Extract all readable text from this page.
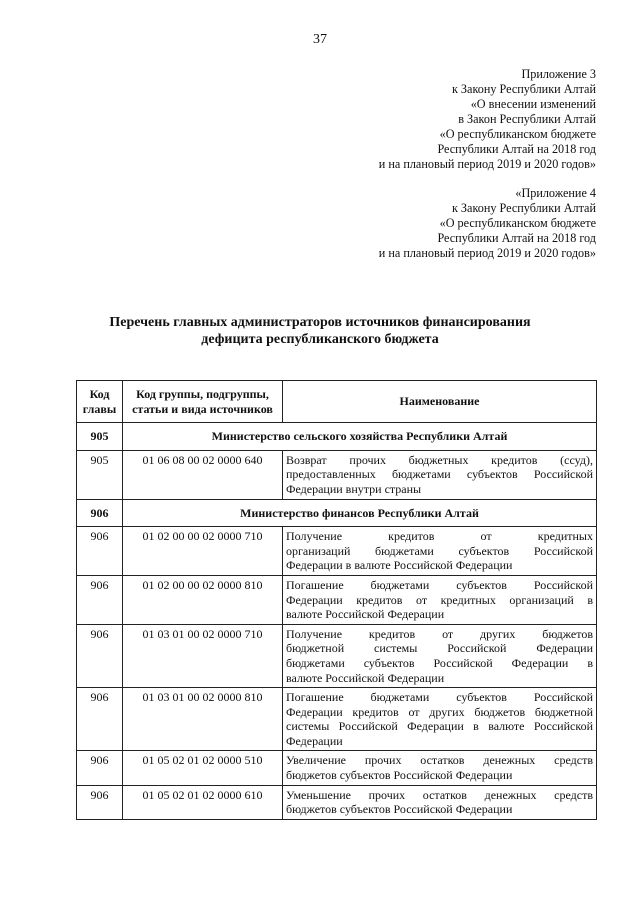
37
Приложение 3
к Закону Республики Алтай
«О внесении изменений
в Закон Республики Алтай
«О республиканском бюджете
Республики Алтай на 2018 год
и на плановый период 2019 и 2020 годов»
«Приложение 4
к Закону Республики Алтай
«О республиканском бюджете
Республики Алтай на 2018 год
и на плановый период 2019 и 2020 годов»
Перечень главных администраторов источников финансирования
дефицита республиканского бюджета
Код главы	Код группы, подгруппы, статьи и вида источников	Наименование
905	Министерство сельского хозяйства Республики Алтай	
905	01 06 08 00 02 0000 640	Возврат прочих бюджетных кредитов (ссуд),
предоставленных бюджетами субъектов Российской
Федерации внутри страны

906	Министерство финансов Республики Алтай	
906	01 02 00 00 02 0000 710	Получение кредитов от кредитных
организаций бюджетами субъектов Российской
Федерации в валюте Российской Федерации

906	01 02 00 00 02 0000 810	Погашение бюджетами субъектов Российской
Федерации кредитов от кредитных организаций в
валюте Российской Федерации

906	01 03 01 00 02 0000 710	Получение кредитов от других бюджетов
бюджетной системы Российской Федерации
бюджетами субъектов Российской Федерации в
валюте Российской Федерации

906	01 03 01 00 02 0000 810	Погашение бюджетами субъектов Российской
Федерации кредитов от других бюджетов бюджетной
системы Российской Федерации в валюте Российской
Федерации

906	01 05 02 01 02 0000 510	Увеличение прочих остатков денежных средств
бюджетов субъектов Российской Федерации

906	01 05 02 01 02 0000 610	Уменьшение прочих остатков денежных средств
бюджетов субъектов Российской Федерации
